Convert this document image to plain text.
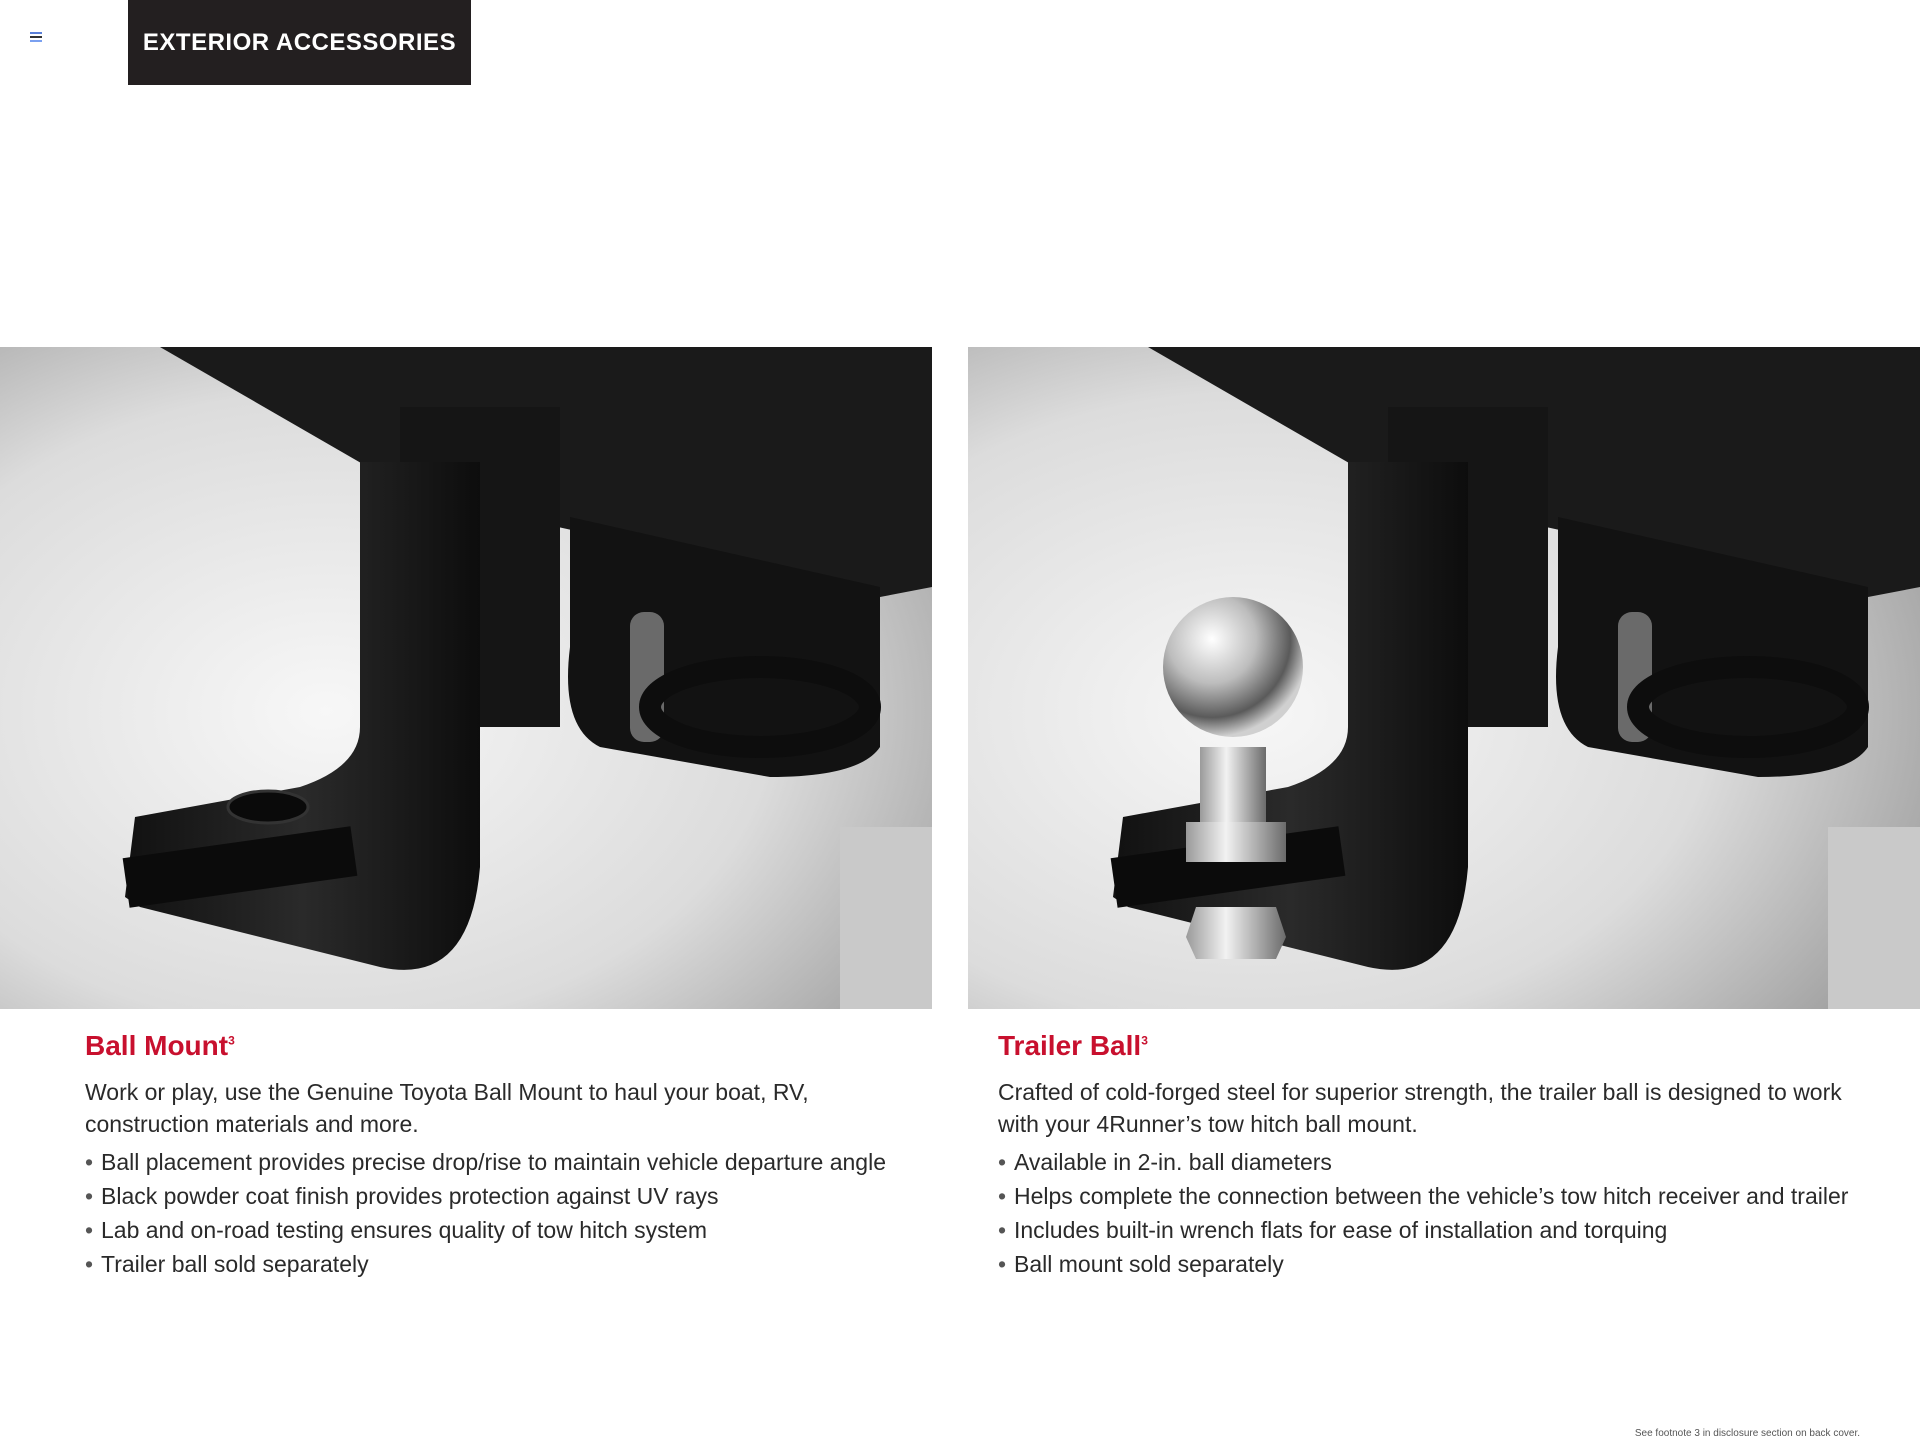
EXTERIOR ACCESSORIES
Ball Mount$^3$

Work or play, use the Genuine Toyota Ball Mount to haul your boat, RV, construction materials and more.

• Ball placement provides precise drop/rise to maintain vehicle departure angle
• Black powder coat finish provides protection against UV rays
• Lab and on-road testing ensures quality of tow hitch system
• Trailer ball sold separately
Trailer Ball$^3$

Crafted of cold-forged steel for superior strength, the trailer ball is designed to work with your 4Runner’s tow hitch ball mount.

• Available in 2-in. ball diameters
• Helps complete the connection between the vehicle’s tow hitch receiver and trailer
• Includes built-in wrench flats for ease of installation and torquing
• Ball mount sold separately
See footnote 3 in disclosure section on back cover.
